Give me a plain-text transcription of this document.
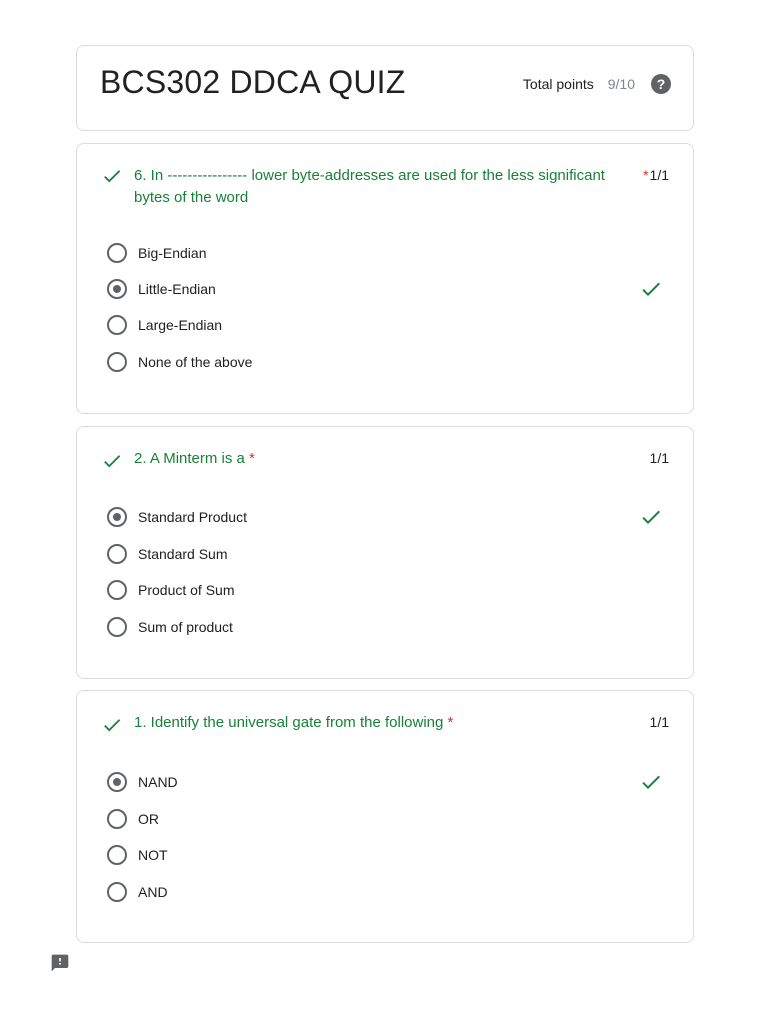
BCS302 DDCA QUIZ	Total points 9/10	?
6. In ---------------- lower byte-addresses are used for the less significant bytes of the word
*1/1
Big-Endian
Little-Endian
Large-Endian
None of the above
2. A Minterm is a *	1/1
Standard Product
Standard Sum
Product of Sum
Sum of product
1. Identify the universal gate from the following *	1/1
NAND
OR
NOT
AND
